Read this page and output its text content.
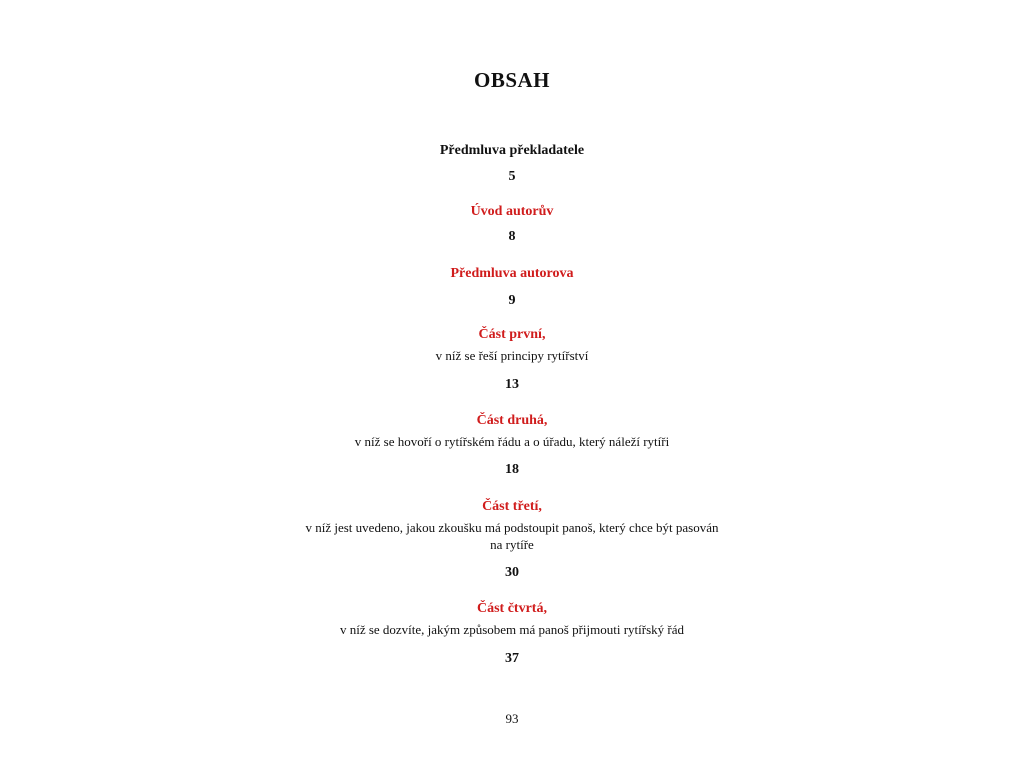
OBSAH
Předmluva překladatele
5
Úvod autorův
8
Předmluva autorova
9
Část první,
v níž se řeší principy rytířství
13
Část druhá,
v níž se hovoří o rytířském řádu a o úřadu, který náleží rytíři
18
Část třetí,
v níž jest uvedeno, jakou zkoušku má podstoupit panoš, který chce být pasován na rytíře
30
Část čtvrtá,
v níž se dozvíte, jakým způsobem má panoš přijmouti rytířský řád
37
93
